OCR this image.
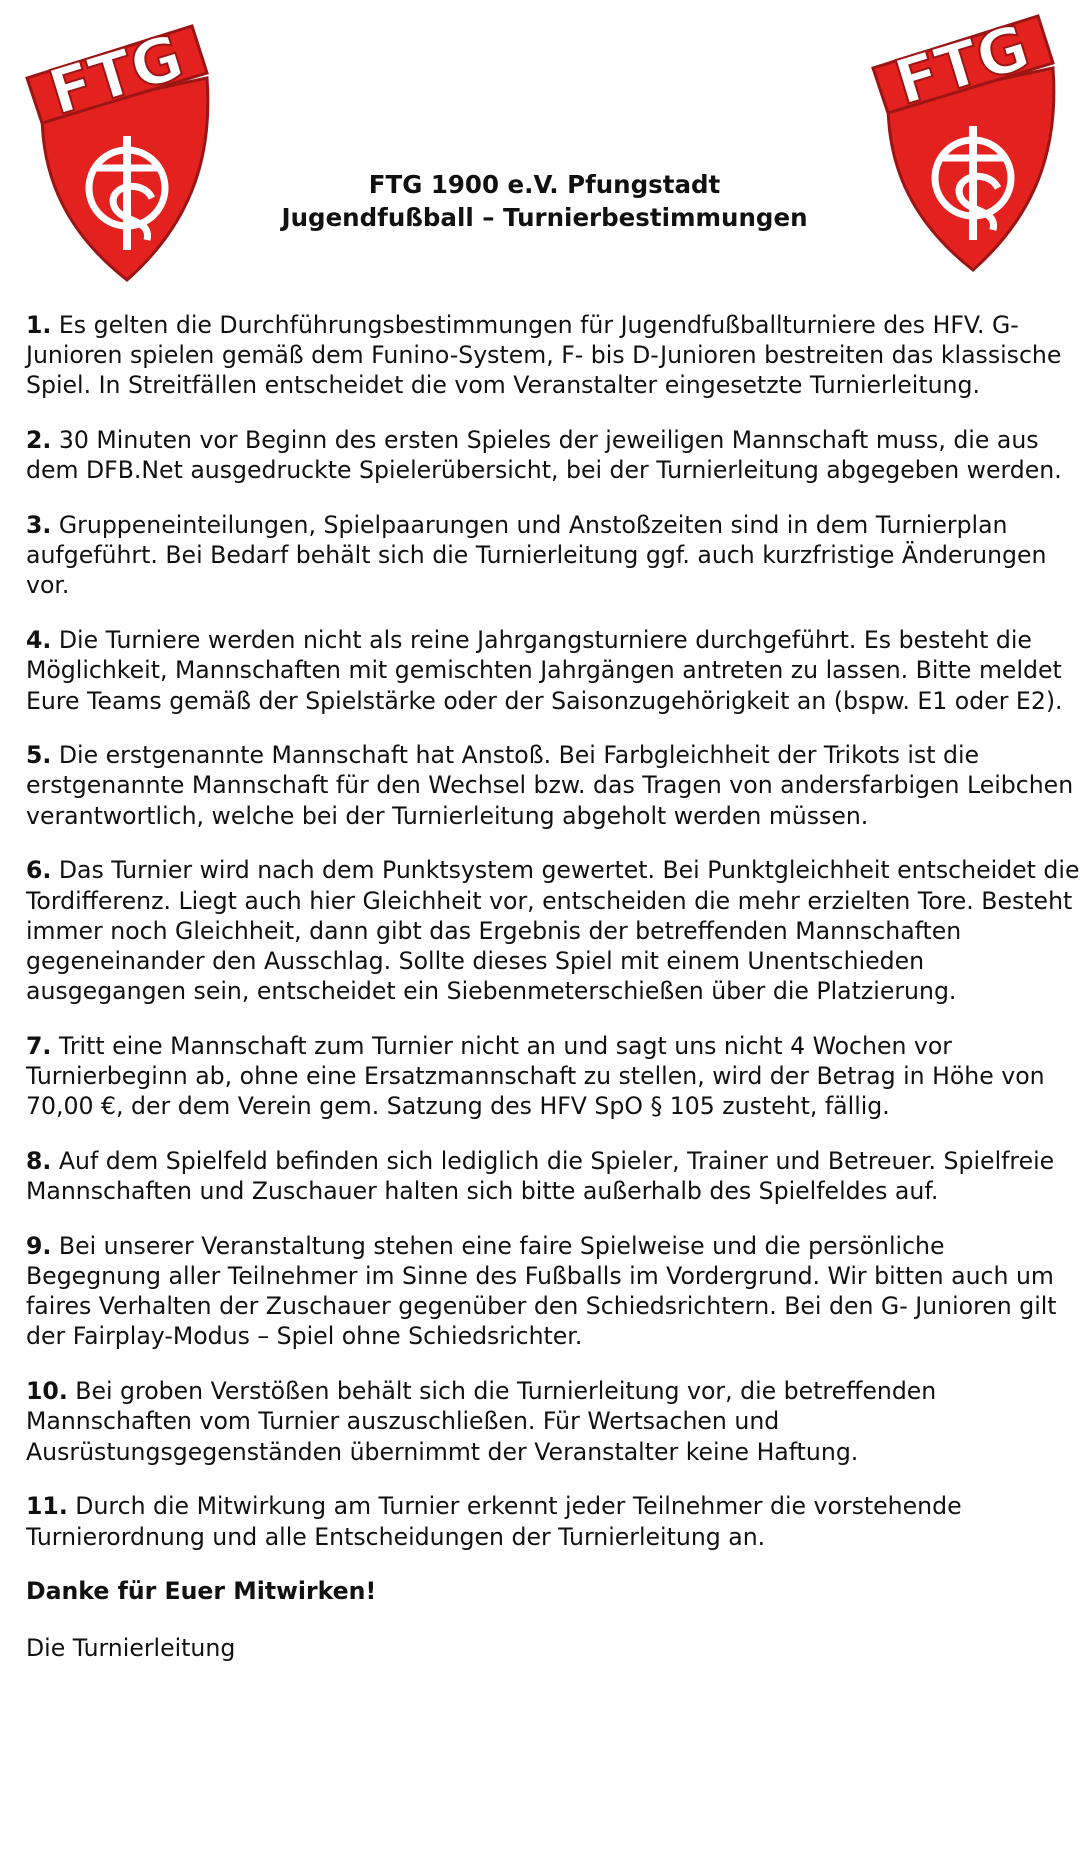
FTG	FTG
FTG 1900 e.V. Pfungstadt
Jugendfußball – Turnierbestimmungen

1. Es gelten die Durchführungsbestimmungen für Jugendfußballturniere des HFV. G-Junioren spielen gemäß dem Funino-System, F- bis D-Junioren bestreiten das klassische Spiel. In Streitfällen entscheidet die vom Veranstalter eingesetzte Turnierleitung.

2. 30 Minuten vor Beginn des ersten Spieles der jeweiligen Mannschaft muss, die aus dem DFB.Net ausgedruckte Spielerübersicht, bei der Turnierleitung abgegeben werden.

3. Gruppeneinteilungen, Spielpaarungen und Anstoßzeiten sind in dem Turnierplan aufgeführt. Bei Bedarf behält sich die Turnierleitung ggf. auch kurzfristige Änderungen vor.

4. Die Turniere werden nicht als reine Jahrgangsturniere durchgeführt. Es besteht die Möglichkeit, Mannschaften mit gemischten Jahrgängen antreten zu lassen. Bitte meldet Eure Teams gemäß der Spielstärke oder der Saisonzugehörigkeit an (bspw. E1 oder E2).

5. Die erstgenannte Mannschaft hat Anstoß. Bei Farbgleichheit der Trikots ist die erstgenannte Mannschaft für den Wechsel bzw. das Tragen von andersfarbigen Leibchen verantwortlich, welche bei der Turnierleitung abgeholt werden müssen.

6. Das Turnier wird nach dem Punktsystem gewertet. Bei Punktgleichheit entscheidet die Tordifferenz. Liegt auch hier Gleichheit vor, entscheiden die mehr erzielten Tore. Besteht immer noch Gleichheit, dann gibt das Ergebnis der betreffenden Mannschaften gegeneinander den Ausschlag. Sollte dieses Spiel mit einem Unentschieden ausgegangen sein, entscheidet ein Siebenmeterschießen über die Platzierung.

7. Tritt eine Mannschaft zum Turnier nicht an und sagt uns nicht 4 Wochen vor Turnierbeginn ab, ohne eine Ersatzmannschaft zu stellen, wird der Betrag in Höhe von 70,00 €, der dem Verein gem. Satzung des HFV SpO § 105 zusteht, fällig.

8. Auf dem Spielfeld befinden sich lediglich die Spieler, Trainer und Betreuer. Spielfreie Mannschaften und Zuschauer halten sich bitte außerhalb des Spielfeldes auf.

9. Bei unserer Veranstaltung stehen eine faire Spielweise und die persönliche Begegnung aller Teilnehmer im Sinne des Fußballs im Vordergrund. Wir bitten auch um faires Verhalten der Zuschauer gegenüber den Schiedsrichtern. Bei den G- Junioren gilt der Fairplay-Modus – Spiel ohne Schiedsrichter.

10. Bei groben Verstößen behält sich die Turnierleitung vor, die betreffenden Mannschaften vom Turnier auszuschließen. Für Wertsachen und Ausrüstungsgegenständen übernimmt der Veranstalter keine Haftung.

11. Durch die Mitwirkung am Turnier erkennt jeder Teilnehmer die vorstehende Turnierordnung und alle Entscheidungen der Turnierleitung an.

Danke für Euer Mitwirken!

Die Turnierleitung
